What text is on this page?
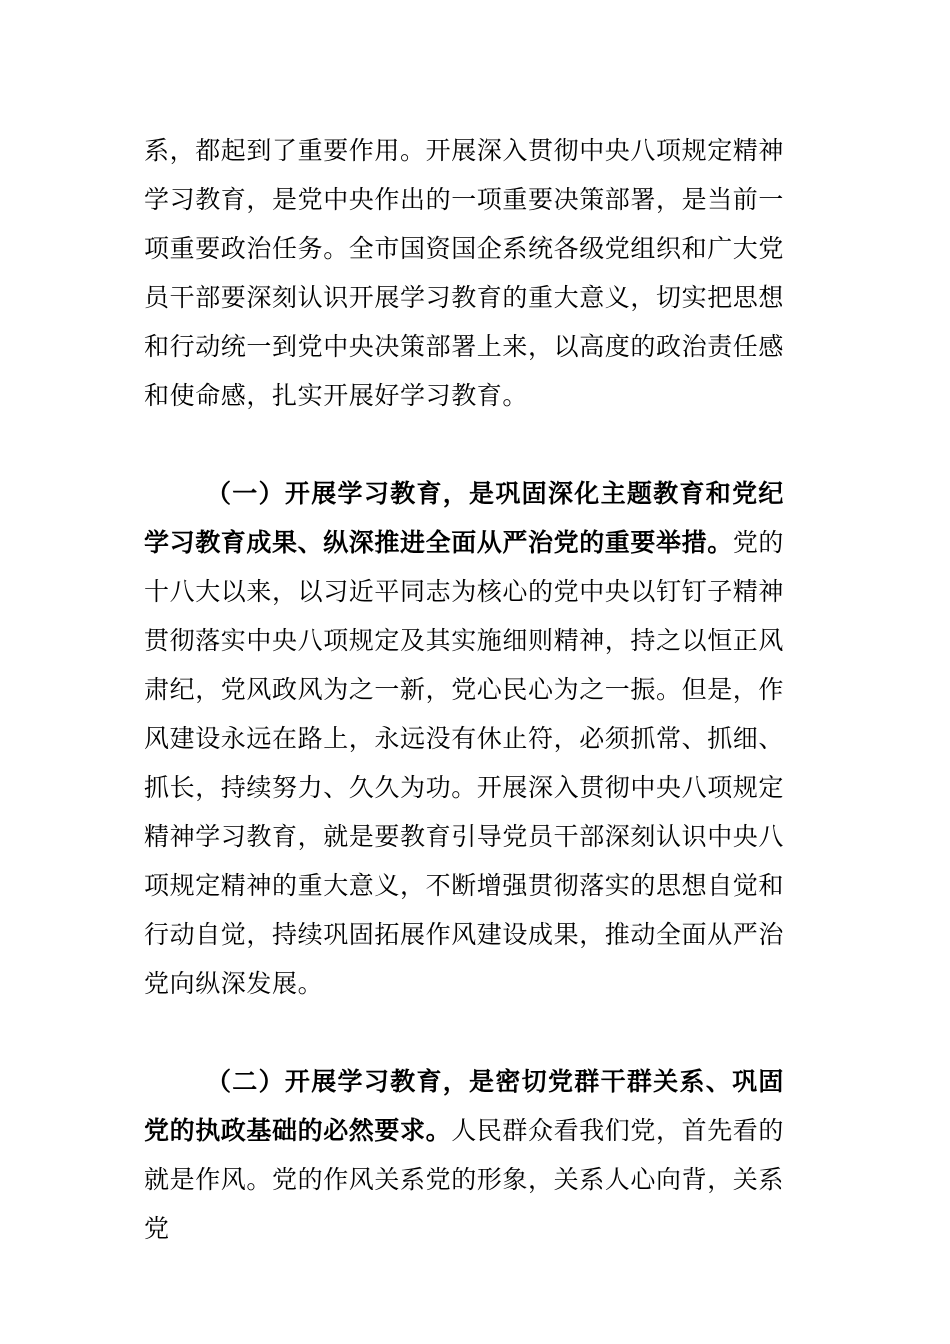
系，都起到了重要作用。开展深入贯彻中央八项规定精神学习教育，是党中央作出的一项重要决策部署，是当前一项重要政治任务。全市国资国企系统各级党组织和广大党员干部要深刻认识开展学习教育的重大意义，切实把思想和行动统一到党中央决策部署上来，以高度的政治责任感和使命感，扎实开展好学习教育。

（一）开展学习教育，是巩固深化主题教育和党纪学习教育成果、纵深推进全面从严治党的重要举措。党的十八大以来，以习近平同志为核心的党中央以钉钉子精神贯彻落实中央八项规定及其实施细则精神，持之以恒正风肃纪，党风政风为之一新，党心民心为之一振。但是，作风建设永远在路上，永远没有休止符，必须抓常、抓细、抓长，持续努力、久久为功。开展深入贯彻中央八项规定精神学习教育，就是要教育引导党员干部深刻认识中央八项规定精神的重大意义，不断增强贯彻落实的思想自觉和行动自觉，持续巩固拓展作风建设成果，推动全面从严治党向纵深发展。

（二）开展学习教育，是密切党群干群关系、巩固党的执政基础的必然要求。人民群众看我们党，首先看的就是作风。党的作风关系党的形象，关系人心向背，关系党
